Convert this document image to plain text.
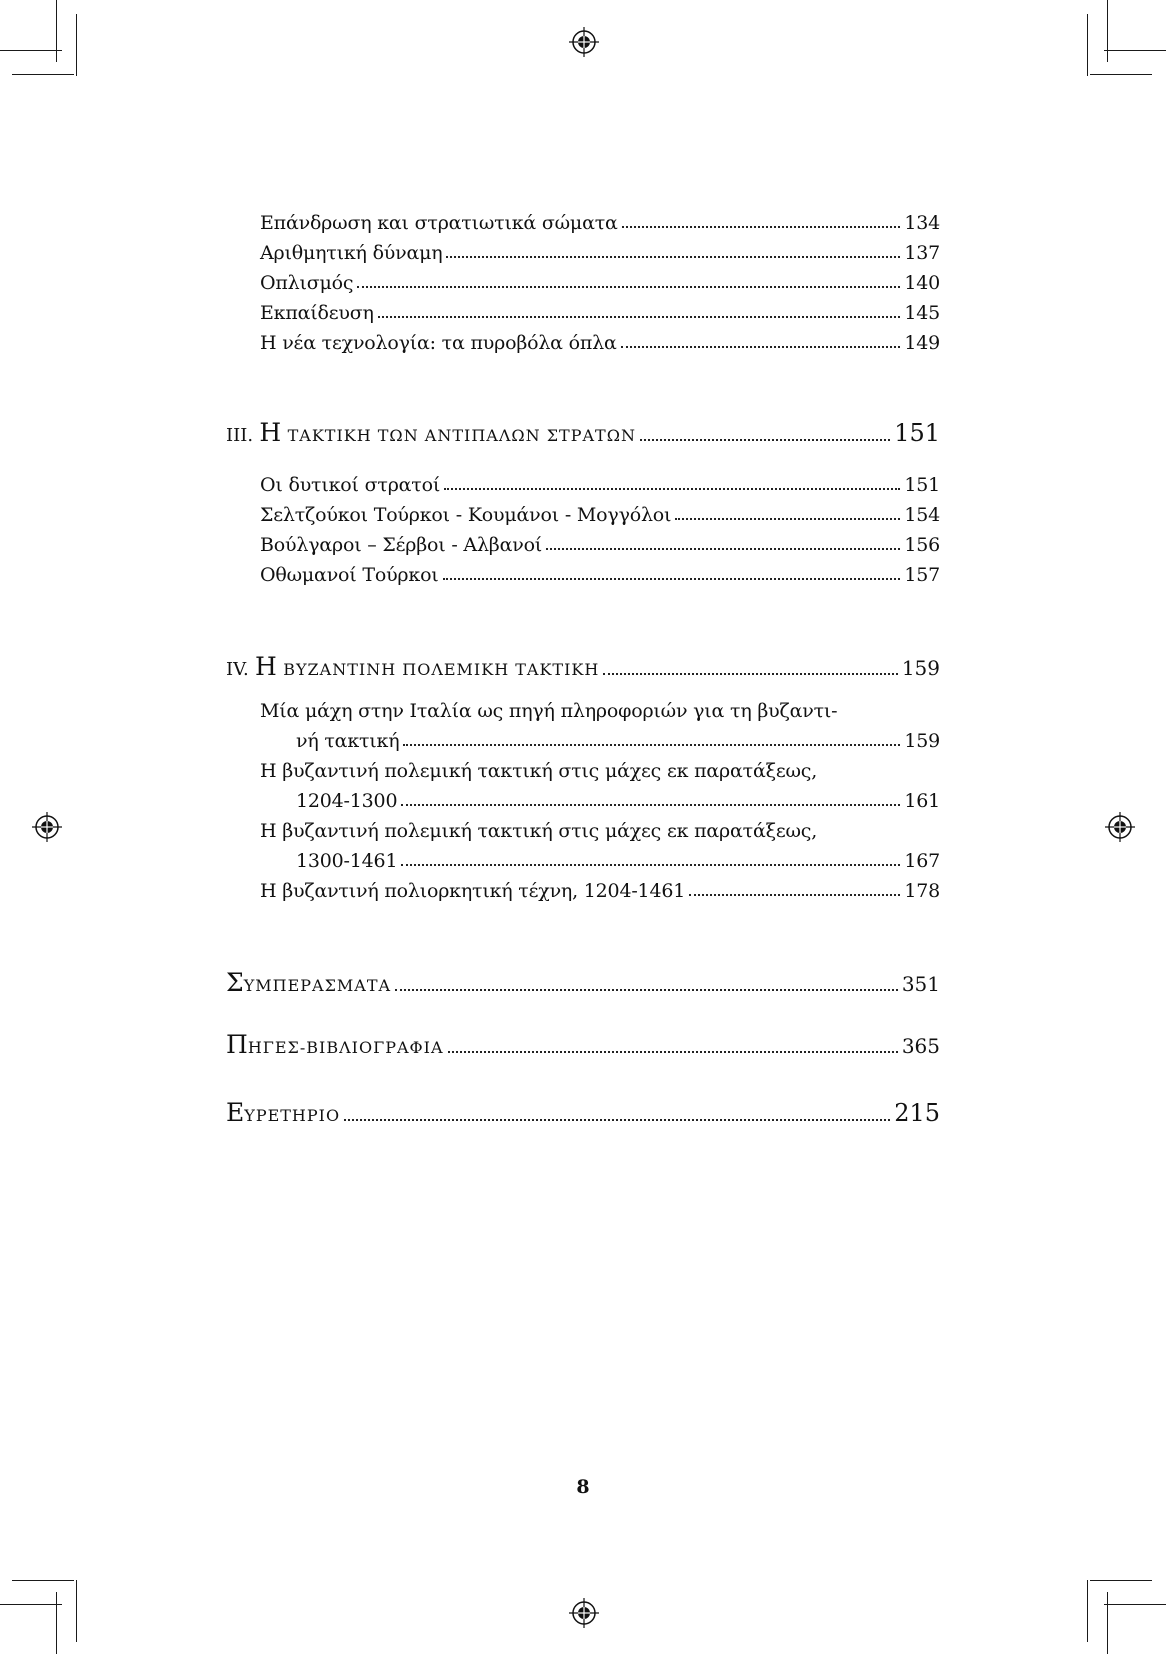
Επάνδρωση και στρατιωτικά σώματα	134
Αριθμητική δύναμη	137
Οπλισμός	140
Εκπαίδευση	145
Η νέα τεχνολογία: τα πυροβόλα όπλα	149
III. Η ΤΑΚΤΙΚΗ ΤΩΝ ΑΝΤΙΠΑΛΩΝ ΣΤΡΑΤΩΝ	151
Οι δυτικοί στρατοί	151
Σελτζούκοι Τούρκοι - Κουμάνοι - Μογγόλοι	154
Βούλγαροι – Σέρβοι - Αλβανοί	156
Οθωμανοί Τούρκοι	157
IV. Η ΒΥΖΑΝΤΙΝΗ ΠΟΛΕΜΙΚΗ ΤΑΚΤΙΚΗ	159
Μία μάχη στην Ιταλία ως πηγή πληροφοριών για τη βυζαντι-
νή τακτική	159
Η βυζαντινή πολεμική τακτική στις μάχες εκ παρατάξεως,
1204-1300	161
Η βυζαντινή πολεμική τακτική στις μάχες εκ παρατάξεως,
1300-1461	167
Η βυζαντινή πολιορκητική τέχνη, 1204-1461	178
ΣΥΜΠΕΡΑΣΜΑΤΑ	351
ΠΗΓΕΣ-ΒΙΒΛΙΟΓΡΑΦΙΑ	365
ΕΥΡΕΤΗΡΙΟ	215
8
